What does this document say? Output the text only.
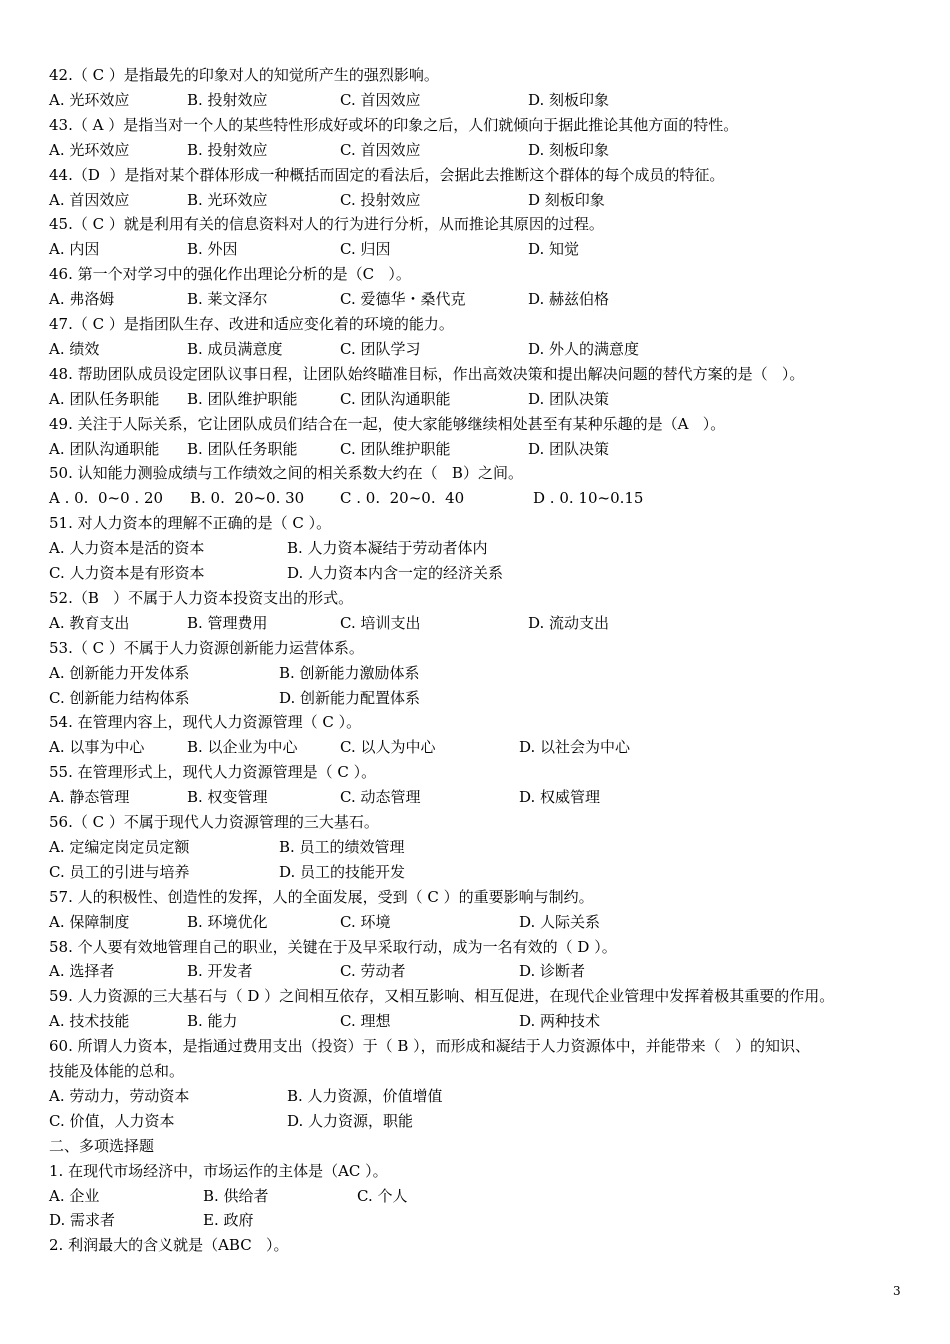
42.（ C ）是指最先的印象对人的知觉所产生的强烈影响。
A. 光环效应	B. 投射效应	C. 首因效应	D. 刻板印象
43.（ A ）是指当对一个人的某些特性形成好或坏的印象之后，人们就倾向于据此推论其他方面的特性。
A. 光环效应	B. 投射效应	C. 首因效应	D. 刻板印象
44.（D  ）是指对某个群体形成一种概括而固定的看法后，会据此去推断这个群体的每个成员的特征。
A. 首因效应	B. 光环效应	C. 投射效应	D 刻板印象
45.（ C ）就是利用有关的信息资料对人的行为进行分析，从而推论其原因的过程。
A. 内因	B. 外因	C. 归因	D. 知觉
46. 第一个对学习中的强化作出理论分析的是（C   ）。
A. 弗洛姆	B. 莱文泽尔	C. 爱德华・桑代克	D. 赫兹伯格
47.（ C ）是指团队生存、改进和适应变化着的环境的能力。
A. 绩效	B. 成员满意度	C. 团队学习	D. 外人的满意度
48. 帮助团队成员设定团队议事日程，让团队始终瞄准目标，作出高效决策和提出解决问题的替代方案的是（   ）。
A. 团队任务职能 B. 团队维护职能	C. 团队沟通职能	D. 团队决策
49. 关注于人际关系，它让团队成员们结合在一起，使大家能够继续相处甚至有某种乐趣的是（A   ）。
A. 团队沟通职能 B. 团队任务职能	C. 团队维护职能	D. 团队决策
50. 认知能力测验成绩与工作绩效之间的相关系数大约在（   B）之间。
A . 0.  0~0 . 20 B. 0.  20~0. 30 C . 0.  20~0.  40	D . 0. 10~0.15
51. 对人力资本的理解不正确的是（ C ）。
A. 人力资本是活的资本	B. 人力资本凝结于劳动者体内
C. 人力资本是有形资本	D. 人力资本内含一定的经济关系
52.（B   ）不属于人力资本投资支出的形式。
A. 教育支出	B. 管理费用	C. 培训支出	D. 流动支出
53.（ C ）不属于人力资源创新能力运营体系。
A. 创新能力开发体系	B. 创新能力激励体系
C. 创新能力结构体系	D. 创新能力配置体系
54. 在管理内容上，现代人力资源管理（ C ）。
A. 以事为中心	B. 以企业为中心	C. 以人为中心	D. 以社会为中心
55. 在管理形式上，现代人力资源管理是（ C ）。
A. 静态管理	B. 权变管理	C. 动态管理	D. 权威管理
56.（ C ）不属于现代人力资源管理的三大基石。
A. 定编定岗定员定额	B. 员工的绩效管理
C. 员工的引进与培养	D. 员工的技能开发
57. 人的积极性、创造性的发挥，人的全面发展，受到（ C ）的重要影响与制约。
A. 保障制度	B. 环境优化	C. 环境	D. 人际关系
58. 个人要有效地管理自己的职业，关键在于及早采取行动，成为一名有效的（ D ）。
A. 选择者	B. 开发者	C. 劳动者	D. 诊断者
59. 人力资源的三大基石与（ D ）之间相互依存，又相互影响、相互促进，在现代企业管理中发挥着极其重要的作用。
A. 技术技能	B. 能力	C. 理想	D. 两种技术
60. 所谓人力资本，是指通过费用支出（投资）于（ B ），而形成和凝结于人力资源体中，并能带来（   ）的知识、
技能及体能的总和。
A. 劳动力，劳动资本	B. 人力资源，价值增值
C. 价值，人力资本	D. 人力资源，职能
二、多项选择题
1. 在现代市场经济中，市场运作的主体是（AC ）。
A. 企业	B. 供给者	C. 个人
D. 需求者	E. 政府
2. 利润最大的含义就是（ABC   ）。
3
